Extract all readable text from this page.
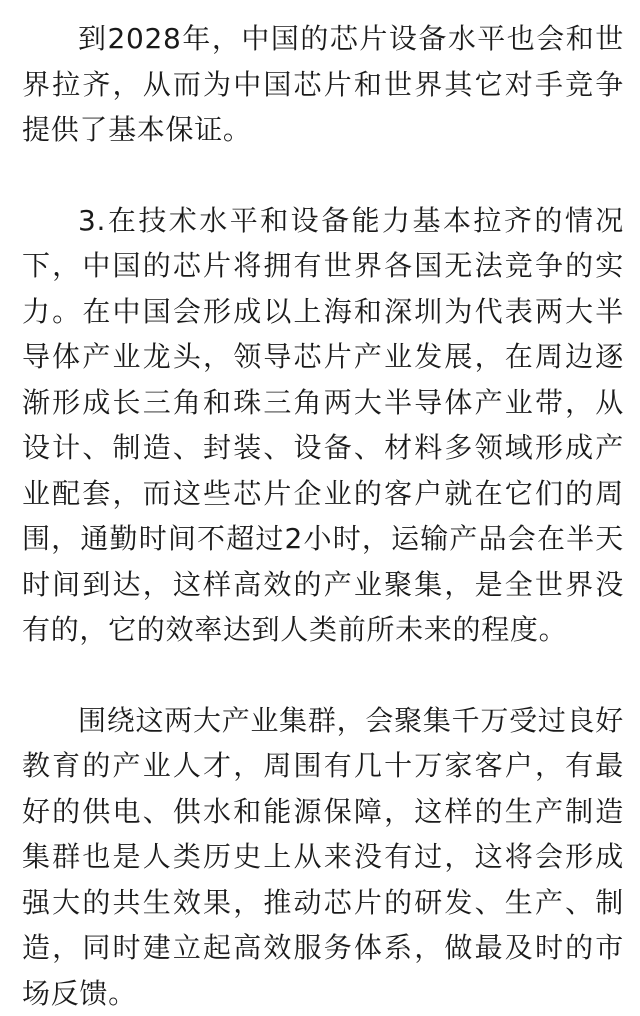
到2028年，中国的芯片设备水平也会和世界拉齐，从而为中国芯片和世界其它对手竞争提供了基本保证。

3.在技术水平和设备能力基本拉齐的情况下，中国的芯片将拥有世界各国无法竞争的实力。在中国会形成以上海和深圳为代表两大半导体产业龙头，领导芯片产业发展，在周边逐渐形成长三角和珠三角两大半导体产业带，从设计、制造、封装、设备、材料多领域形成产业配套，而这些芯片企业的客户就在它们的周围，通勤时间不超过2小时，运输产品会在半天时间到达，这样高效的产业聚集，是全世界没有的，它的效率达到人类前所未来的程度。

围绕这两大产业集群，会聚集千万受过良好教育的产业人才，周围有几十万家客户，有最好的供电、供水和能源保障，这样的生产制造集群也是人类历史上从来没有过，这将会形成强大的共生效果，推动芯片的研发、生产、制造，同时建立起高效服务体系，做最及时的市场反馈。
